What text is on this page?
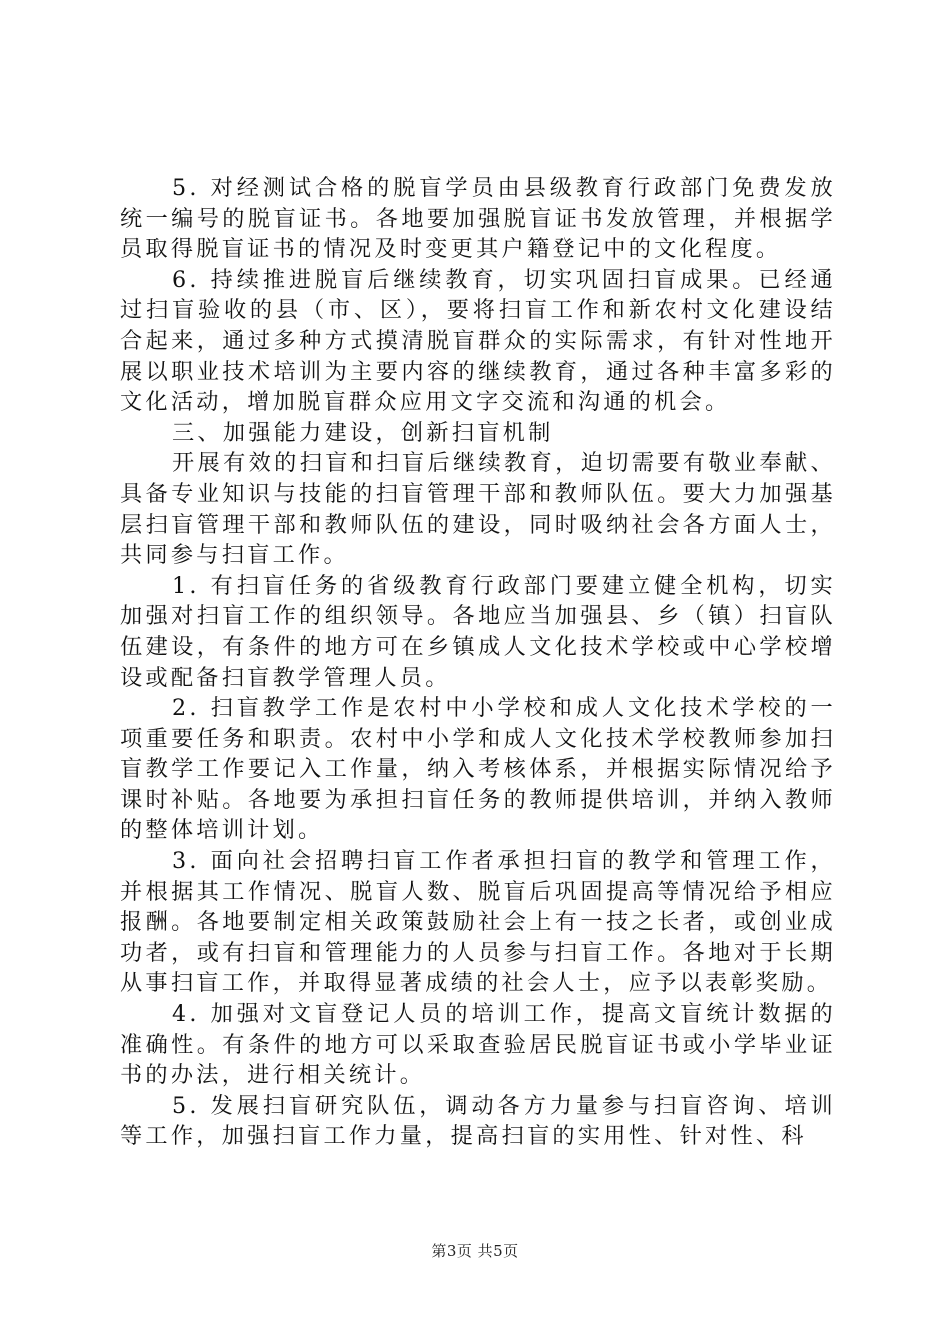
5. 对经测试合格的脱盲学员由县级教育行政部门免费发放统一编号的脱盲证书。各地要加强脱盲证书发放管理，并根据学员取得脱盲证书的情况及时变更其户籍登记中的文化程度。

6. 持续推进脱盲后继续教育，切实巩固扫盲成果。已经通过扫盲验收的县（市、区），要将扫盲工作和新农村文化建设结合起来，通过多种方式摸清脱盲群众的实际需求，有针对性地开展以职业技术培训为主要内容的继续教育，通过各种丰富多彩的文化活动，增加脱盲群众应用文字交流和沟通的机会。

三、加强能力建设，创新扫盲机制

开展有效的扫盲和扫盲后继续教育，迫切需要有敬业奉献、具备专业知识与技能的扫盲管理干部和教师队伍。要大力加强基层扫盲管理干部和教师队伍的建设，同时吸纳社会各方面人士，共同参与扫盲工作。

1. 有扫盲任务的省级教育行政部门要建立健全机构，切实加强对扫盲工作的组织领导。各地应当加强县、乡（镇）扫盲队伍建设，有条件的地方可在乡镇成人文化技术学校或中心学校增设或配备扫盲教学管理人员。

2. 扫盲教学工作是农村中小学校和成人文化技术学校的一项重要任务和职责。农村中小学和成人文化技术学校教师参加扫盲教学工作要记入工作量，纳入考核体系，并根据实际情况给予课时补贴。各地要为承担扫盲任务的教师提供培训，并纳入教师的整体培训计划。

3. 面向社会招聘扫盲工作者承担扫盲的教学和管理工作，并根据其工作情况、脱盲人数、脱盲后巩固提高等情况给予相应报酬。各地要制定相关政策鼓励社会上有一技之长者，或创业成功者，或有扫盲和管理能力的人员参与扫盲工作。各地对于长期从事扫盲工作，并取得显著成绩的社会人士，应予以表彰奖励。

4. 加强对文盲登记人员的培训工作，提高文盲统计数据的准确性。有条件的地方可以采取查验居民脱盲证书或小学毕业证书的办法，进行相关统计。

5. 发展扫盲研究队伍，调动各方力量参与扫盲咨询、培训等工作，加强扫盲工作力量，提高扫盲的实用性、针对性、科

第3页 共5页
